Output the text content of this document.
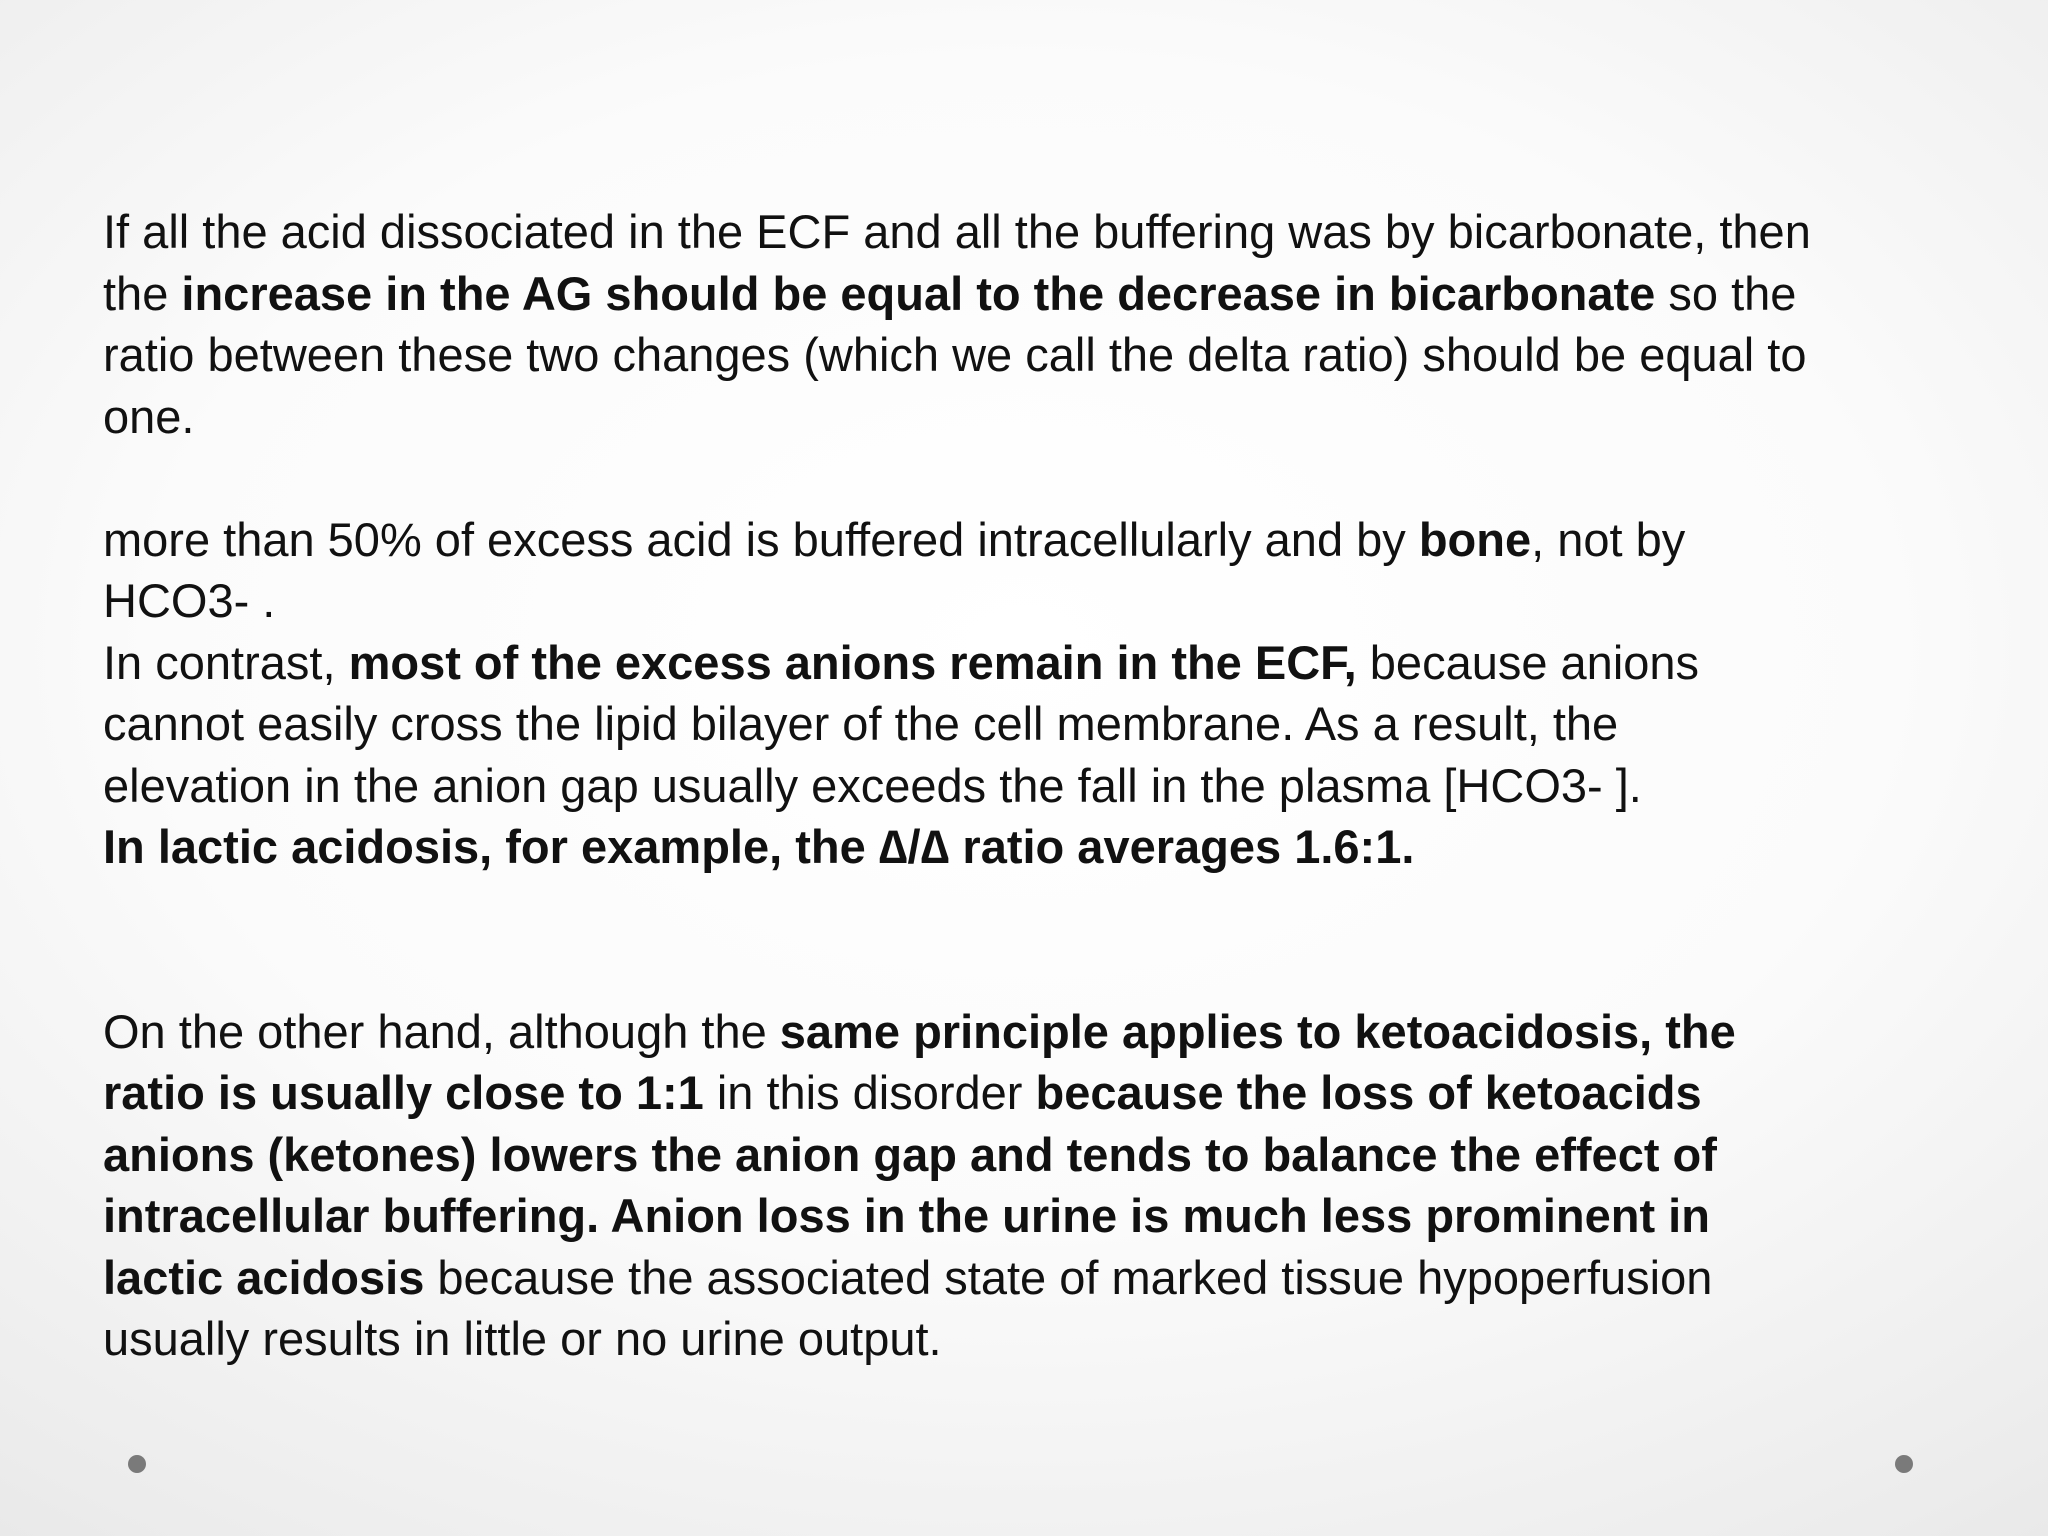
If all the acid dissociated in the ECF and all the buffering was by bicarbonate, then
the increase in the AG should be equal to the decrease in bicarbonate so the
ratio between these two changes (which we call the delta ratio) should be equal to
one.
more than 50% of excess acid is buffered intracellularly and by bone, not by
HCO3- .
In contrast, most of the excess anions remain in the ECF, because anions
cannot easily cross the lipid bilayer of the cell membrane. As a result, the
elevation in the anion gap usually exceeds the fall in the plasma [HCO3- ].
In lactic acidosis, for example, the ∆/∆ ratio averages 1.6:1.
On the other hand, although the same principle applies to ketoacidosis, the
ratio is usually close to 1:1 in this disorder because the loss of ketoacids
anions (ketones) lowers the anion gap and tends to balance the effect of
intracellular buffering. Anion loss in the urine is much less prominent in
lactic acidosis because the associated state of marked tissue hypoperfusion
usually results in little or no urine output.
